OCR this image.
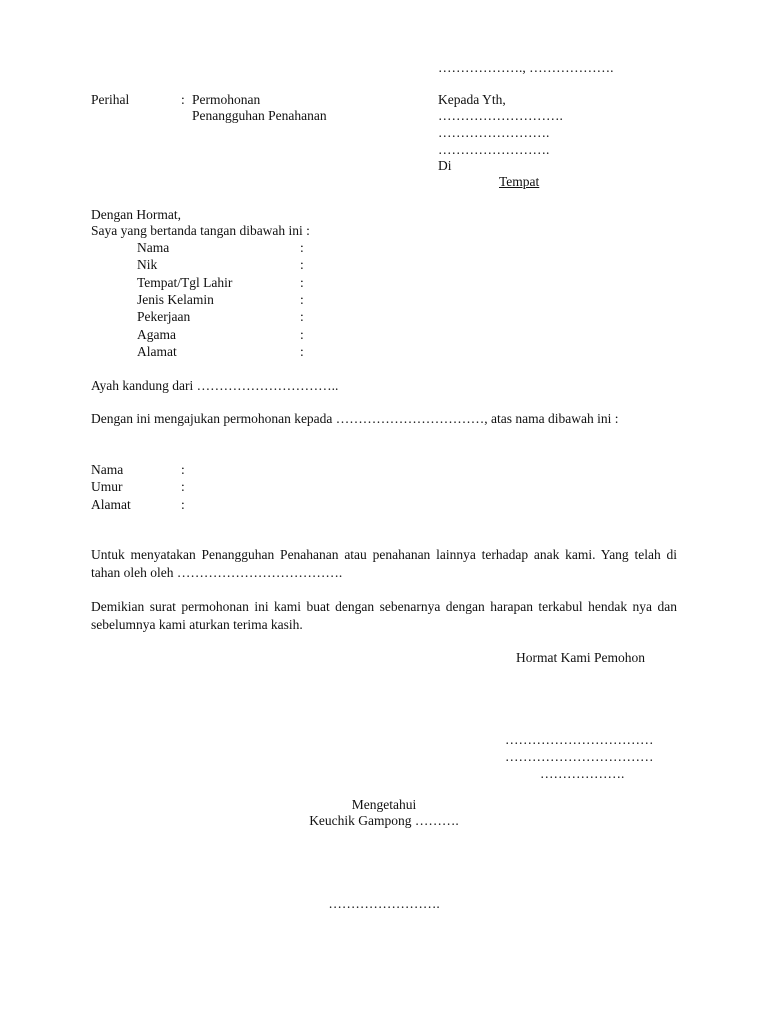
………………., ……………….
Perihal	: Permohonan
Penangguhan Penahanan
Kepada Yth,
……………………….
…………………….
…………………….
Di
Tempat
Dengan Hormat,
Saya yang bertanda tangan dibawah ini :
Nama	:
Nik	:
Tempat/Tgl Lahir	:
Jenis Kelamin	:
Pekerjaan	:
Agama	:
Alamat	:
Ayah kandung dari …………………………..
Dengan ini mengajukan permohonan kepada ……………………………, atas nama dibawah ini :
Nama	:
Umur	:
Alamat	:
Untuk menyatakan Penangguhan Penahanan atau penahanan lainnya terhadap anak kami. Yang telah di tahan oleh oleh ……………………………….
Demikian surat permohonan ini kami buat dengan sebenarnya dengan harapan terkabul hendak nya dan sebelumnya kami aturkan terima kasih.
Hormat Kami Pemohon
……………………………
……………………………
……………….
Mengetahui
Keuchik Gampong ……….
…………………….
